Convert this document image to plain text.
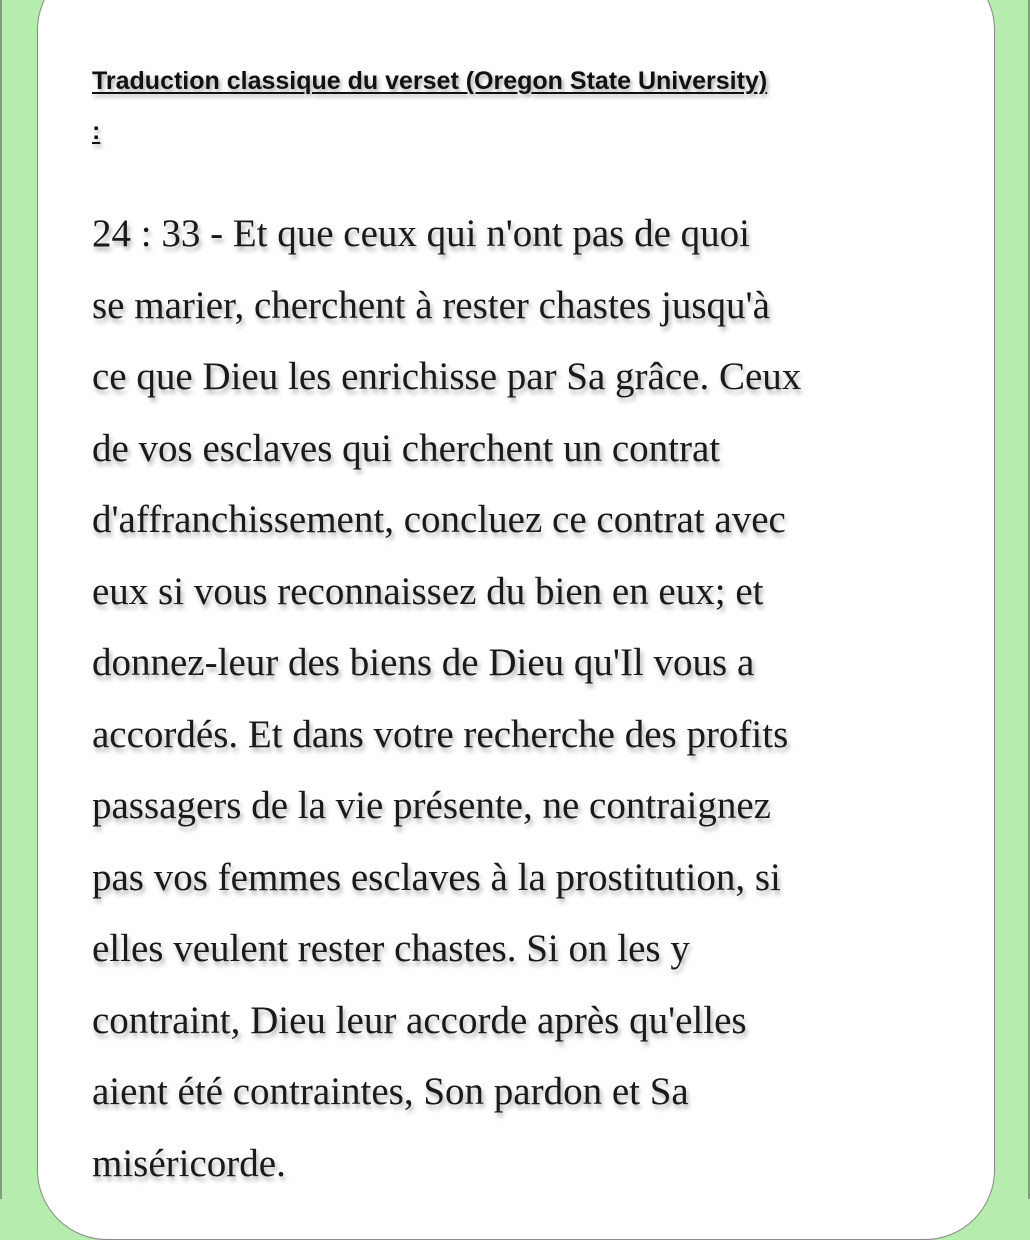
Traduction classique du verset (Oregon State University)
:

24 : 33 - Et que ceux qui n'ont pas de quoi
se marier, cherchent à rester chastes jusqu'à
ce que Dieu les enrichisse par Sa grâce. Ceux
de vos esclaves qui cherchent un contrat
d'affranchissement, concluez ce contrat avec
eux si vous reconnaissez du bien en eux; et
donnez-leur des biens de Dieu qu'Il vous a
accordés. Et dans votre recherche des profits
passagers de la vie présente, ne contraignez
pas vos femmes esclaves à la prostitution, si
elles veulent rester chastes. Si on les y
contraint, Dieu leur accorde après qu'elles
aient été contraintes, Son pardon et Sa
miséricorde.
